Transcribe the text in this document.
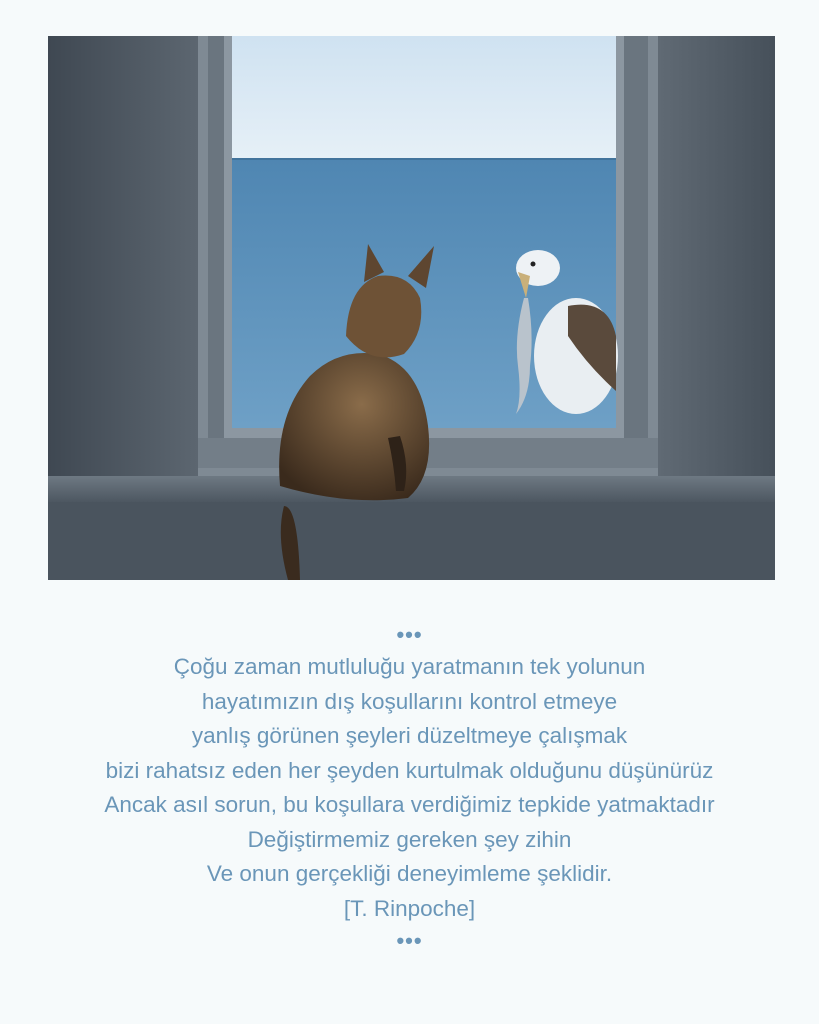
•••
Çoğu zaman mutluluğu yaratmanın tek yolunun
hayatımızın dış koşullarını kontrol etmeye
yanlış görünen şeyleri düzeltmeye çalışmak
bizi rahatsız eden her şeyden kurtulmak olduğunu düşünürüz
Ancak asıl sorun, bu koşullara verdiğimiz tepkide yatmaktadır
Değiştirmemiz gereken şey zihin
Ve onun gerçekliği deneyimleme şeklidir.
[T. Rinpoche]
•••
